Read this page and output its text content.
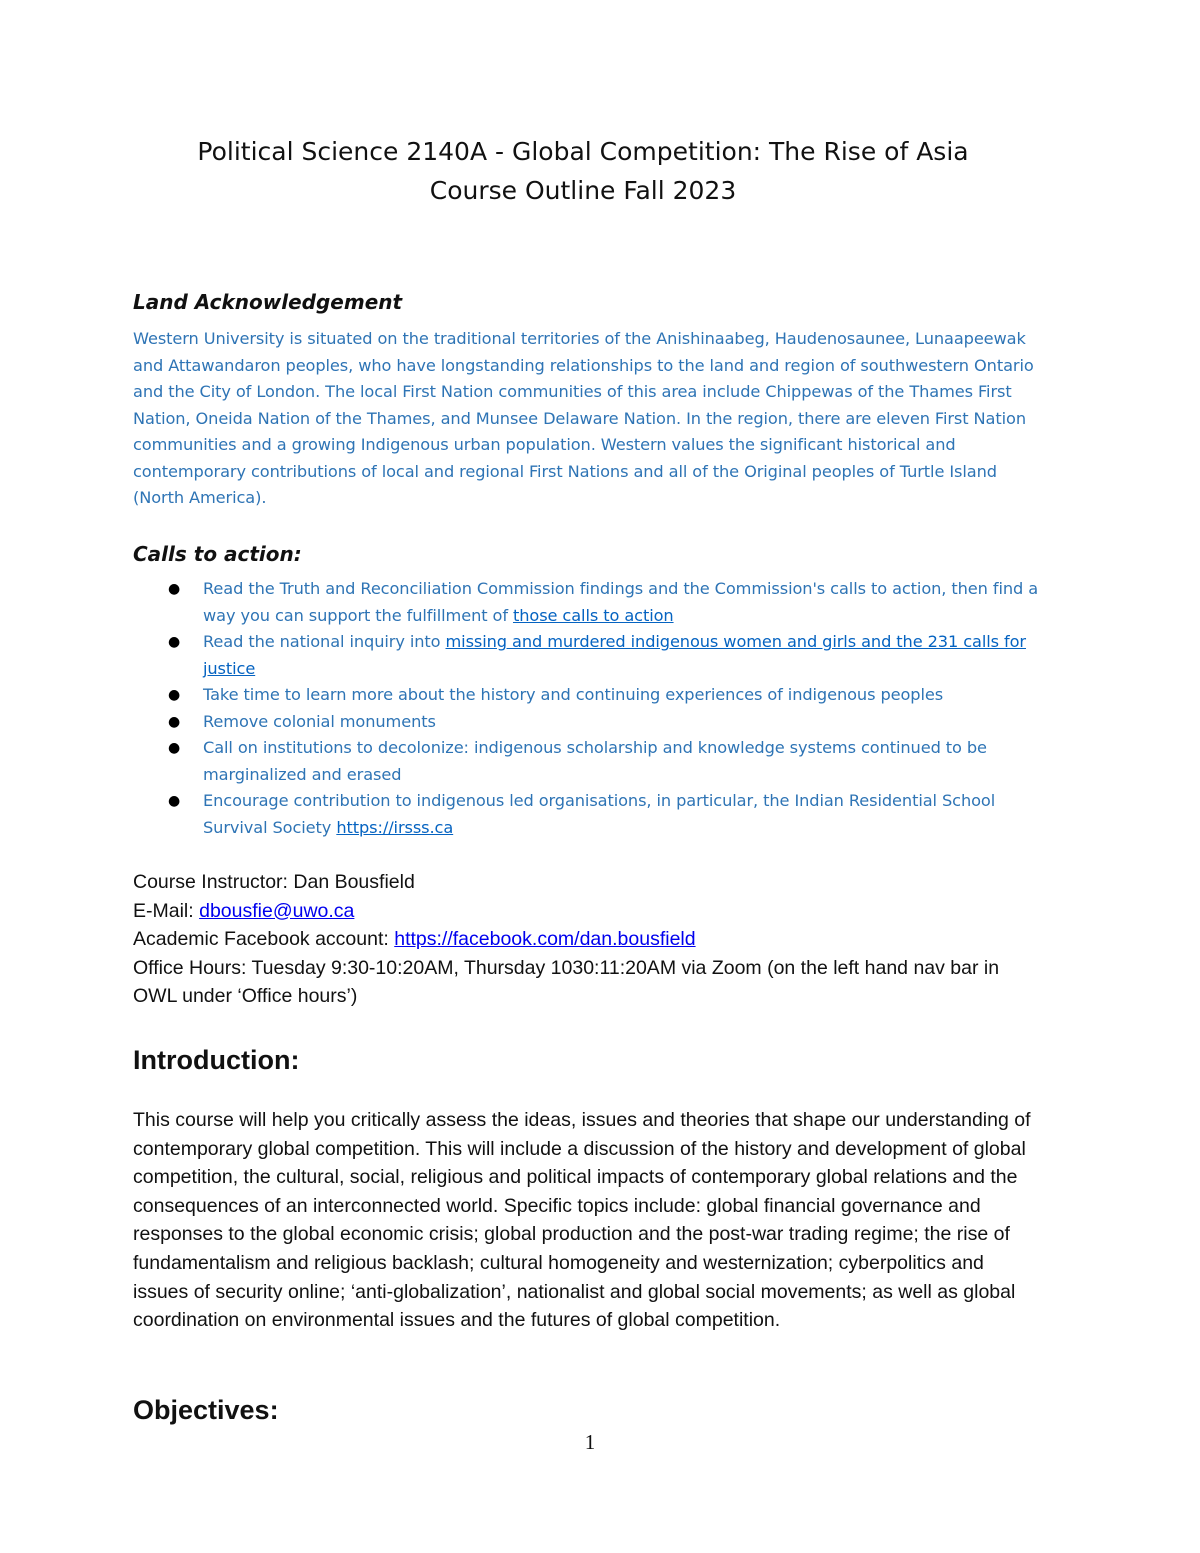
Political Science 2140A - Global Competition: The Rise of Asia
Course Outline Fall 2023
Land Acknowledgement
Western University is situated on the traditional territories of the Anishinaabeg, Haudenosaunee, Lunaapeewak and Attawandaron peoples, who have longstanding relationships to the land and region of southwestern Ontario and the City of London. The local First Nation communities of this area include Chippewas of the Thames First Nation, Oneida Nation of the Thames, and Munsee Delaware Nation. In the region, there are eleven First Nation communities and a growing Indigenous urban population. Western values the significant historical and contemporary contributions of local and regional First Nations and all of the Original peoples of Turtle Island (North America).
Calls to action:
● Read the Truth and Reconciliation Commission findings and the Commission's calls to action, then find a way you can support the fulfillment of those calls to action
● Read the national inquiry into missing and murdered indigenous women and girls and the 231 calls for justice
● Take time to learn more about the history and continuing experiences of indigenous peoples
● Remove colonial monuments
● Call on institutions to decolonize: indigenous scholarship and knowledge systems continued to be marginalized and erased
● Encourage contribution to indigenous led organisations, in particular, the Indian Residential School Survival Society https://irsss.ca
Course Instructor: Dan Bousfield
E-Mail: dbousfie@uwo.ca
Academic Facebook account: https://facebook.com/dan.bousfield
Office Hours: Tuesday 9:30-10:20AM, Thursday 1030:11:20AM via Zoom (on the left hand nav bar in OWL under ‘Office hours’)
Introduction:
This course will help you critically assess the ideas, issues and theories that shape our understanding of contemporary global competition. This will include a discussion of the history and development of global competition, the cultural, social, religious and political impacts of contemporary global relations and the consequences of an interconnected world. Specific topics include: global financial governance and responses to the global economic crisis; global production and the post-war trading regime; the rise of fundamentalism and religious backlash; cultural homogeneity and westernization; cyberpolitics and issues of security online; ‘anti-globalization’, nationalist and global social movements; as well as global coordination on environmental issues and the futures of global competition.
Objectives:
1
